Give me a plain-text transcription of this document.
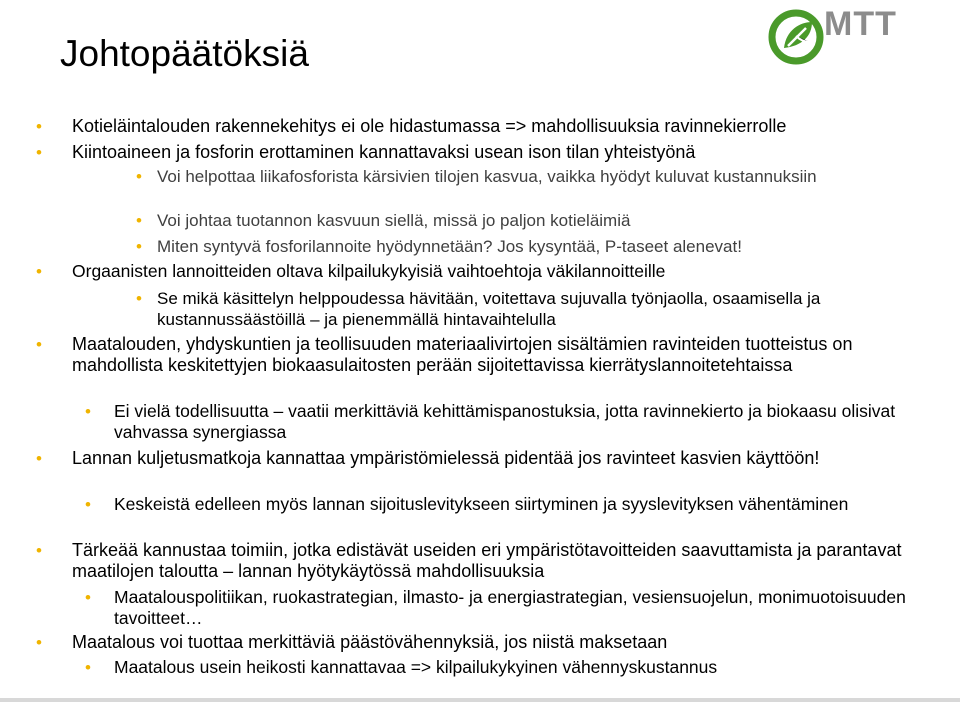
MTT
Johtopäätöksiä
• Kotieläintalouden rakennekehitys ei ole hidastumassa => mahdollisuuksia ravinnekierrolle
• Kiintoaineen ja fosforin erottaminen kannattavaksi usean ison tilan yhteistyönä
• Voi helpottaa liikafosforista kärsivien tilojen kasvua, vaikka hyödyt kuluvat kustannuksiin
• Voi johtaa tuotannon kasvuun siellä, missä jo paljon kotieläimiä
• Miten syntyvä fosforilannoite hyödynnetään? Jos kysyntää, P-taseet alenevat!
• Orgaanisten lannoitteiden oltava kilpailukykyisiä vaihtoehtoja väkilannoitteille
• Se mikä käsittelyn helppoudessa hävitään, voitettava sujuvalla työnjaolla, osaamisella ja kustannussäästöillä – ja pienemmällä hintavaihtelulla
• Maatalouden, yhdyskuntien ja teollisuuden materiaalivirtojen sisältämien ravinteiden tuotteistus on mahdollista keskitettyjen biokaasulaitosten perään sijoitettavissa kierrätyslannoitetehtaissa
• Ei vielä todellisuutta – vaatii merkittäviä kehittämispanostuksia, jotta ravinnekierto ja biokaasu olisivat vahvassa synergiassa
• Lannan kuljetusmatkoja kannattaa ympäristömielessä pidentää jos ravinteet kasvien käyttöön!
• Keskeistä edelleen myös lannan sijoituslevitykseen siirtyminen ja syyslevityksen vähentäminen
• Tärkeää kannustaa toimiin, jotka edistävät useiden eri ympäristötavoitteiden saavuttamista ja parantavat maatilojen taloutta – lannan hyötykäytössä mahdollisuuksia
• Maatalouspolitiikan, ruokastrategian, ilmasto- ja energiastrategian, vesiensuojelun, monimuotoisuuden tavoitteet…
• Maatalous voi tuottaa merkittäviä päästövähennyksiä, jos niistä maksetaan
• Maatalous usein heikosti kannattavaa => kilpailukykyinen vähennyskustannus
